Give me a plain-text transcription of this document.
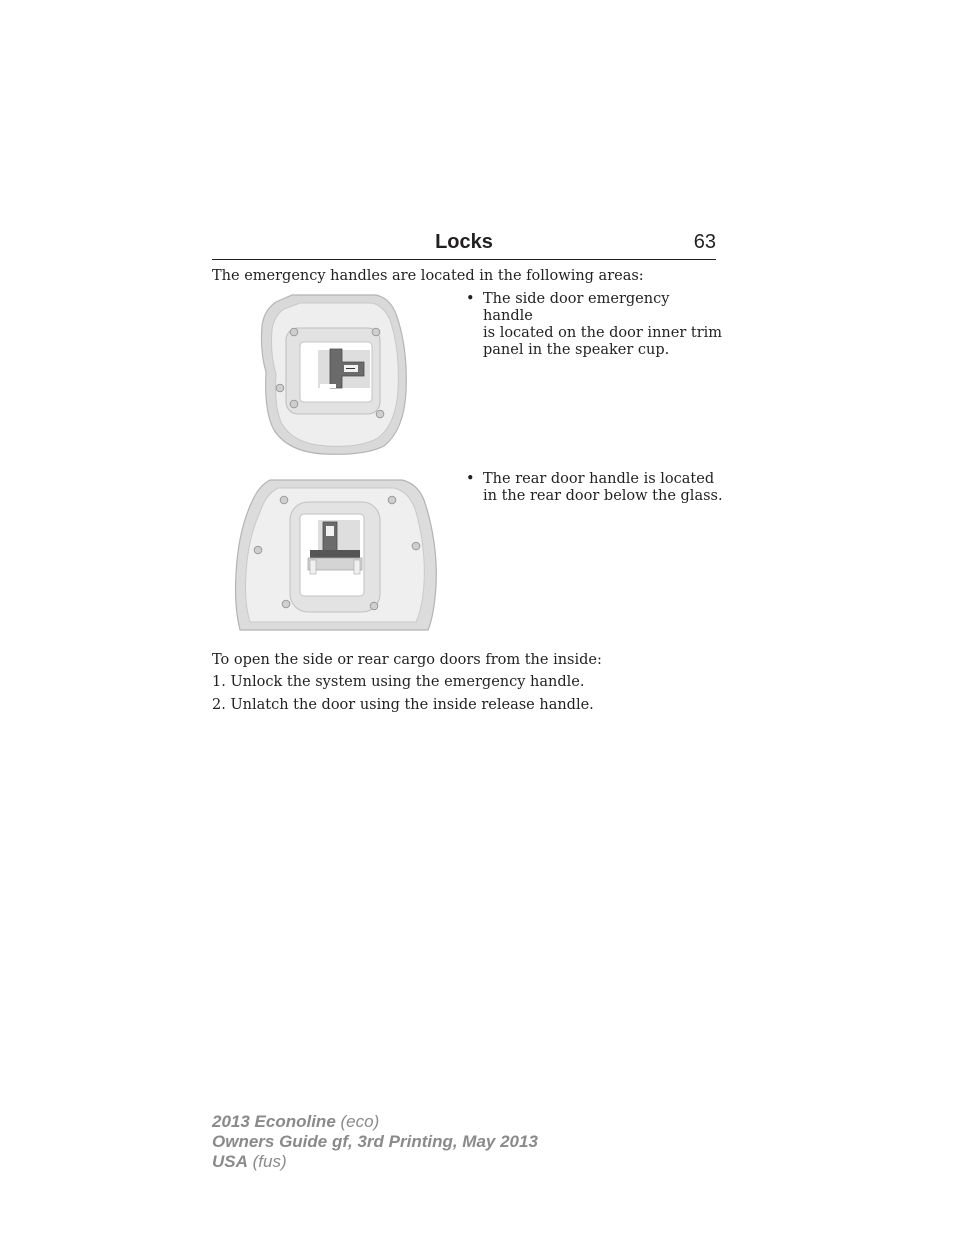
Locks	63
The emergency handles are located in the following areas:
• The side door emergency handle
is located on the door inner trim
panel in the speaker cup.
• The rear door handle is located
in the rear door below the glass.
To open the side or rear cargo doors from the inside:
1. Unlock the system using the emergency handle.
2. Unlatch the door using the inside release handle.
2013 Econoline (eco)
Owners Guide gf, 3rd Printing, May 2013
USA (fus)
